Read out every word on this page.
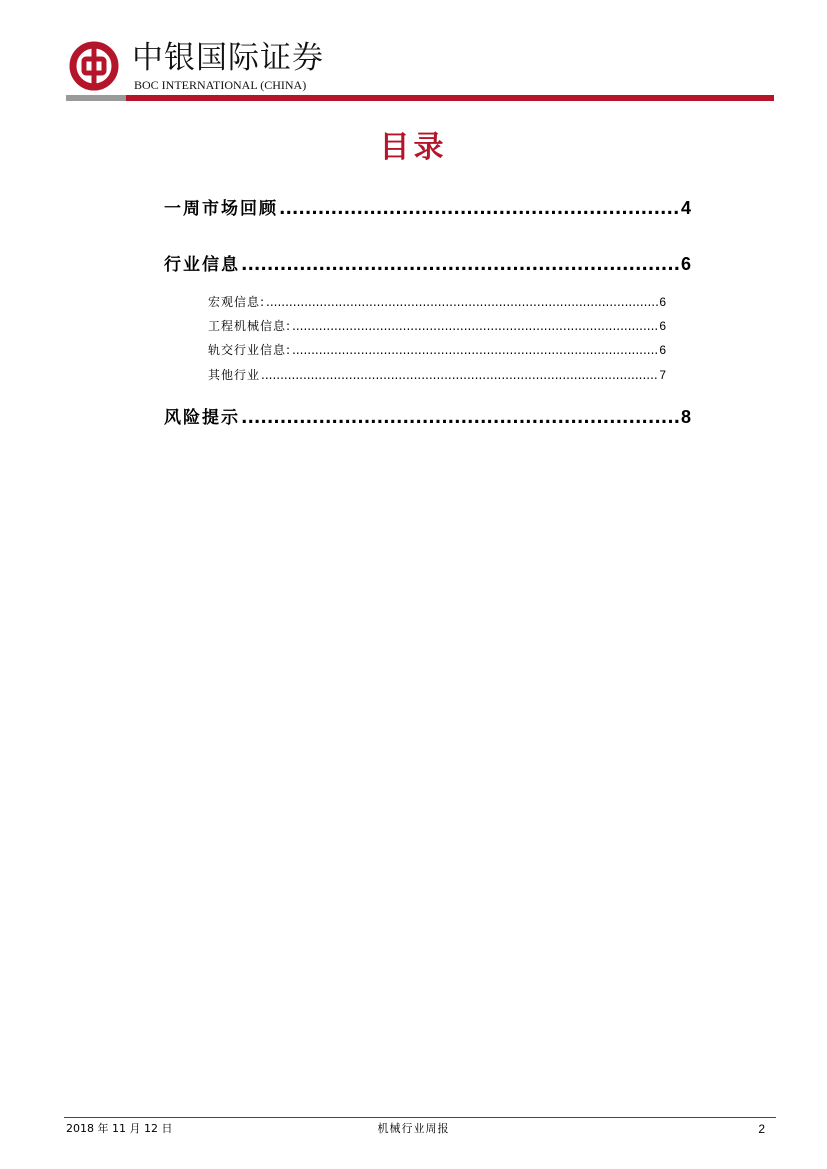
中银国际证券
BOC INTERNATIONAL (CHINA)
目录
一周市场回顾 .....	4
行业信息 .....	6
宏观信息: .....	6
工程机械信息: .....	6
轨交行业信息: .....	6
其他行业 .....	7
风险提示 .....	8
2018 年 11 月 12 日	机械行业周报	2
